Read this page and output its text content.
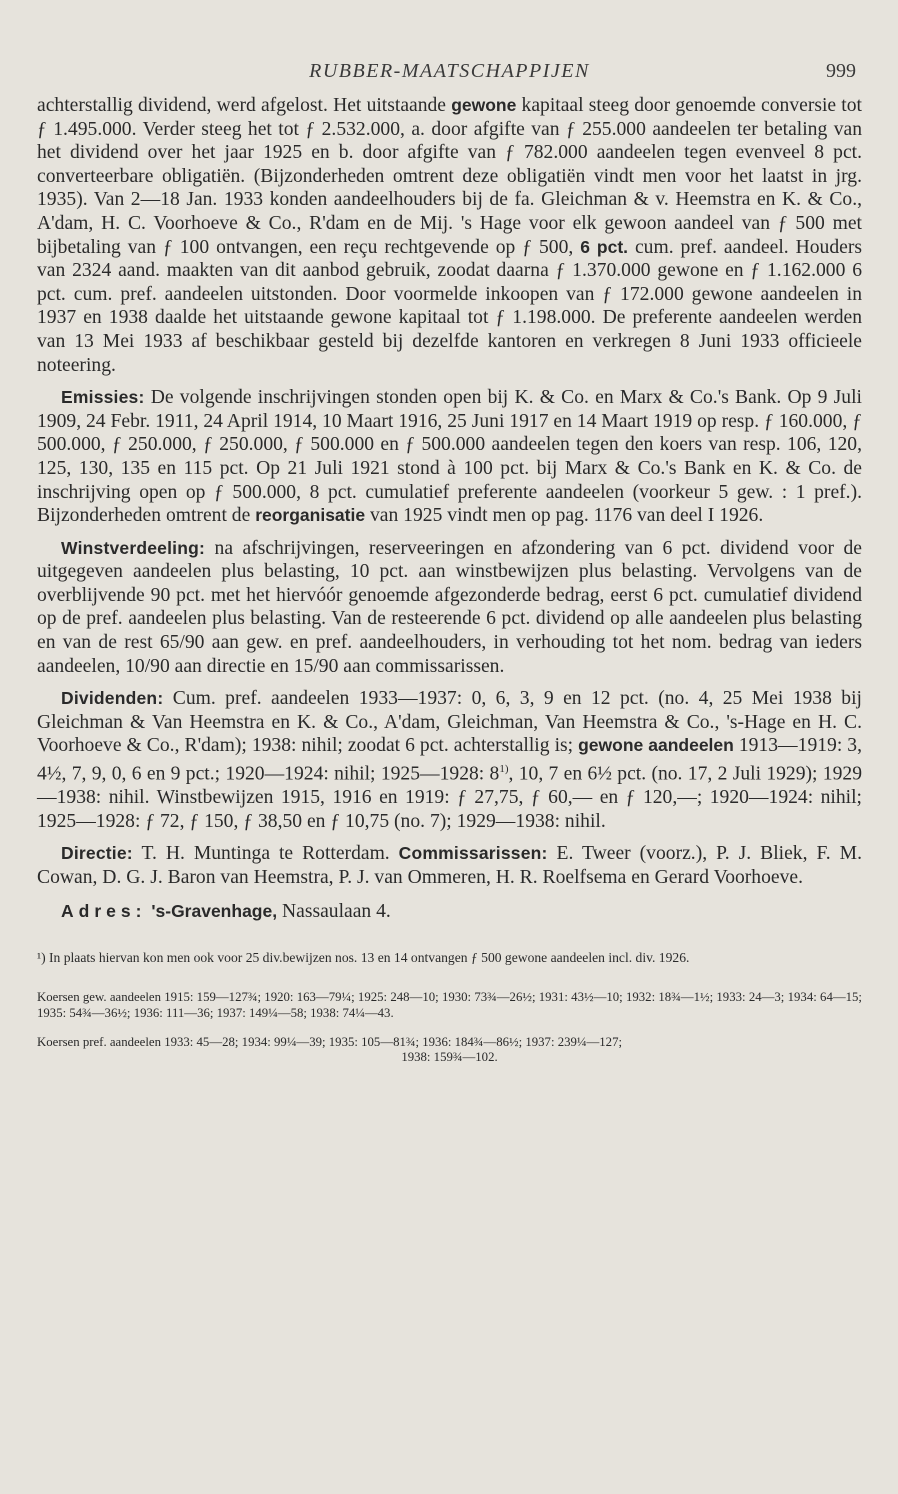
RUBBER-MAATSCHAPPIJEN	999

achterstallig dividend, werd afgelost. Het uitstaande gewone kapitaal steeg door genoemde conversie tot ƒ 1.495.000. Verder steeg het tot ƒ 2.532.000, a. door afgifte van ƒ 255.000 aandeelen ter betaling van het dividend over het jaar 1925 en b. door afgifte van ƒ 782.000 aandeelen tegen evenveel 8 pct. converteerbare obligatiën. (Bijzonderheden omtrent deze obligatiën vindt men voor het laatst in jrg. 1935). Van 2—18 Jan. 1933 konden aandeelhouders bij de fa. Gleichman & v. Heemstra en K. & Co., A'dam, H. C. Voorhoeve & Co., R'dam en de Mij. 's Hage voor elk gewoon aandeel van ƒ 500 met bijbetaling van ƒ 100 ontvangen, een reçu rechtgevende op ƒ 500, 6 pct. cum. pref. aandeel. Houders van 2324 aand. maakten van dit aanbod gebruik, zoodat daarna ƒ 1.370.000 gewone en ƒ 1.162.000 6 pct. cum. pref. aandeelen uitstonden. Door voormelde inkoopen van ƒ 172.000 gewone aandeelen in 1937 en 1938 daalde het uitstaande gewone kapitaal tot ƒ 1.198.000. De preferente aandeelen werden van 13 Mei 1933 af beschikbaar gesteld bij dezelfde kantoren en verkregen 8 Juni 1933 officieele noteering.

Emissies: De volgende inschrijvingen stonden open bij K. & Co. en Marx & Co.'s Bank. Op 9 Juli 1909, 24 Febr. 1911, 24 April 1914, 10 Maart 1916, 25 Juni 1917 en 14 Maart 1919 op resp. ƒ 160.000, ƒ 500.000, ƒ 250.000, ƒ 250.000, ƒ 500.000 en ƒ 500.000 aandeelen tegen den koers van resp. 106, 120, 125, 130, 135 en 115 pct. Op 21 Juli 1921 stond à 100 pct. bij Marx & Co.'s Bank en K. & Co. de inschrijving open op ƒ 500.000, 8 pct. cumulatief preferente aandeelen (voorkeur 5 gew. : 1 pref.). Bijzonderheden omtrent de reorganisatie van 1925 vindt men op pag. 1176 van deel I 1926.

Winstverdeeling: na afschrijvingen, reserveeringen en afzondering van 6 pct. dividend voor de uitgegeven aandeelen plus belasting, 10 pct. aan winstbewijzen plus belasting. Vervolgens van de overblijvende 90 pct. met het hiervóór genoemde afgezonderde bedrag, eerst 6 pct. cumulatief dividend op de pref. aandeelen plus belasting. Van de resteerende 6 pct. dividend op alle aandeelen plus belasting en van de rest 65/90 aan gew. en pref. aandeelhouders, in verhouding tot het nom. bedrag van ieders aandeelen, 10/90 aan directie en 15/90 aan commissarissen.

Dividenden: Cum. pref. aandeelen 1933—1937: 0, 6, 3, 9 en 12 pct. (no. 4, 25 Mei 1938 bij Gleichman & Van Heemstra en K. & Co., A'dam, Gleichman, Van Heemstra & Co., 's-Hage en H. C. Voorhoeve & Co., R'dam); 1938: nihil; zoodat 6 pct. achterstallig is; gewone aandeelen 1913—1919: 3, 4½, 7, 9, 0, 6 en 9 pct.; 1920—1924: nihil; 1925—1928: 8$^{1)}$, 10, 7 en 6½ pct. (no. 17, 2 Juli 1929); 1929—1938: nihil. Winstbewijzen 1915, 1916 en 1919: ƒ 27,75, ƒ 60,— en ƒ 120,—; 1920—1924: nihil; 1925—1928: ƒ 72, ƒ 150, ƒ 38,50 en ƒ 10,75 (no. 7); 1929—1938: nihil.

Directie: T. H. Muntinga te Rotterdam. Commissarissen: E. Tweer (voorz.), P. J. Bliek, F. M. Cowan, D. G. J. Baron van Heemstra, P. J. van Ommeren, H. R. Roelfsema en Gerard Voorhoeve.

Adres: 's-Gravenhage, Nassaulaan 4.

¹) In plaats hiervan kon men ook voor 25 div.bewijzen nos. 13 en 14 ontvangen ƒ 500 gewone aandeelen incl. div. 1926.

Koersen gew. aandeelen 1915: 159—127¾; 1920: 163—79¼; 1925: 248—10; 1930: 73¾—26½; 1931: 43½—10; 1932: 18¾—1½; 1933: 24—3; 1934: 64—15; 1935: 54¾—36½; 1936: 111—36; 1937: 149¼—58; 1938: 74¼—43.

Koersen pref. aandeelen 1933: 45—28; 1934: 99¼—39; 1935: 105—81¾; 1936: 184¾—86½; 1937: 239¼—127;
1938: 159¾—102.
